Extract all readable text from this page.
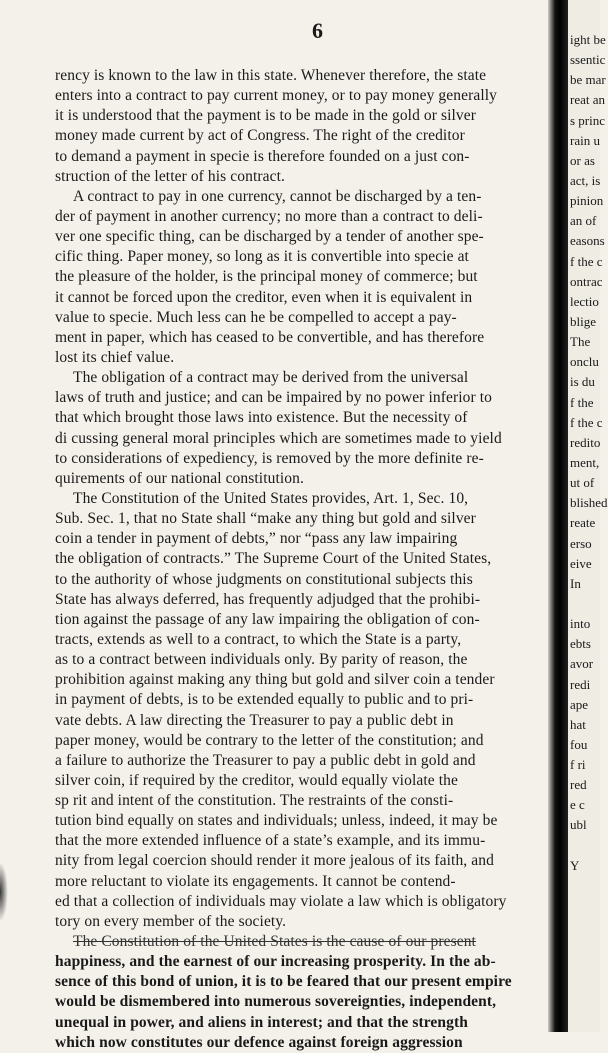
6
rency is known to the law in this state. Whenever therefore, the state
enters into a contract to pay current money, or to pay money generally
it is understood that the payment is to be made in the gold or silver
money made current by act of Congress. The right of the creditor
to demand a payment in specie is therefore founded on a just con-
struction of the letter of his contract.
A contract to pay in one currency, cannot be discharged by a ten-
der of payment in another currency; no more than a contract to deli-
ver one specific thing, can be discharged by a tender of another spe-
cific thing. Paper money, so long as it is convertible into specie at
the pleasure of the holder, is the principal money of commerce; but
it cannot be forced upon the creditor, even when it is equivalent in
value to specie. Much less can he be compelled to accept a pay-
ment in paper, which has ceased to be convertible, and has therefore
lost its chief value.
The obligation of a contract may be derived from the universal
laws of truth and justice; and can be impaired by no power inferior to
that which brought those laws into existence. But the necessity of
di cussing general moral principles which are sometimes made to yield
to considerations of expediency, is removed by the more definite re-
quirements of our national constitution.
The Constitution of the United States provides, Art. 1, Sec. 10,
Sub. Sec. 1, that no State shall “make any thing but gold and silver
coin a tender in payment of debts,” nor “pass any law impairing
the obligation of contracts.” The Supreme Court of the United States,
to the authority of whose judgments on constitutional subjects this
State has always deferred, has frequently adjudged that the prohibi-
tion against the passage of any law impairing the obligation of con-
tracts, extends as well to a contract, to which the State is a party,
as to a contract between individuals only. By parity of reason, the
prohibition against making any thing but gold and silver coin a tender
in payment of debts, is to be extended equally to public and to pri-
vate debts. A law directing the Treasurer to pay a public debt in
paper money, would be contrary to the letter of the constitution; and
a failure to authorize the Treasurer to pay a public debt in gold and
silver coin, if required by the creditor, would equally violate the
sp rit and intent of the constitution. The restraints of the consti-
tution bind equally on states and individuals; unless, indeed, it may be
that the more extended influence of a state’s example, and its immu-
nity from legal coercion should render it more jealous of its faith, and
more reluctant to violate its engagements. It cannot be contend-
ed that a collection of individuals may violate a law which is obligatory
tory on every member of the society.
The Constitution of the United States is the cause of our present
happiness, and the earnest of our increasing prosperity. In the ab-
sence of this bond of union, it is to be feared that our present empire
would be dismembered into numerous sovereignties, independent,
unequal in power, and aliens in interest; and that the strength
which now constitutes our defence against foreign aggression
ight be
ssentic
be mar
reat an
s princ
rain u
or as
act, is
pinion
an of
easons
f the c
ontrac
lectio
blige
The
onclu
is du
f the
f the c
redito
ment,
ut of
blished
reate
erso
eive
In
into
ebts
avor
redi
ape
hat
fou
f ri
red
e c
ubl
Y
